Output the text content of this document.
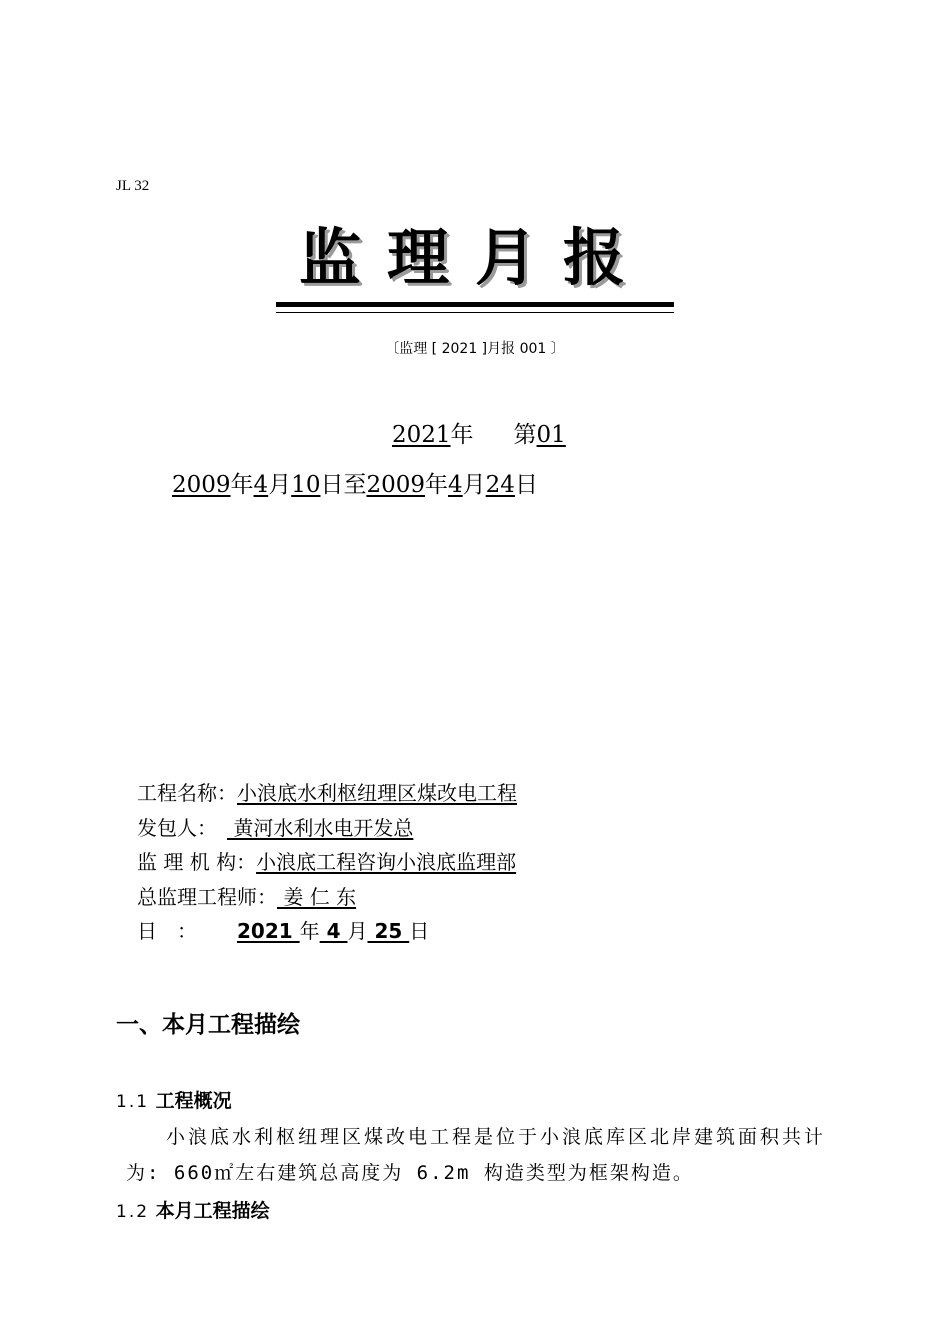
JL 32
监理月报
〔监理 [ 2021 ]月报 001 〕
2021年 第01
2009年4月10日至2009年4月24日
工程名称：小浪底水利枢纽理区煤改电工程
发包人： 黄河水利水电开发总
监 理 机 构：小浪底工程咨询小浪底监理部
总监理工程师： 姜 仁 东
日　： 2021 年 4 月 25 日
一、本月工程描绘
1.1 工程概况
小浪底水利枢纽理区煤改电工程是位于小浪底库区北岸建筑面积共计
为: 660㎡左右建筑总高度为 6.2m 构造类型为框架构造。
1.2 本月工程描绘
